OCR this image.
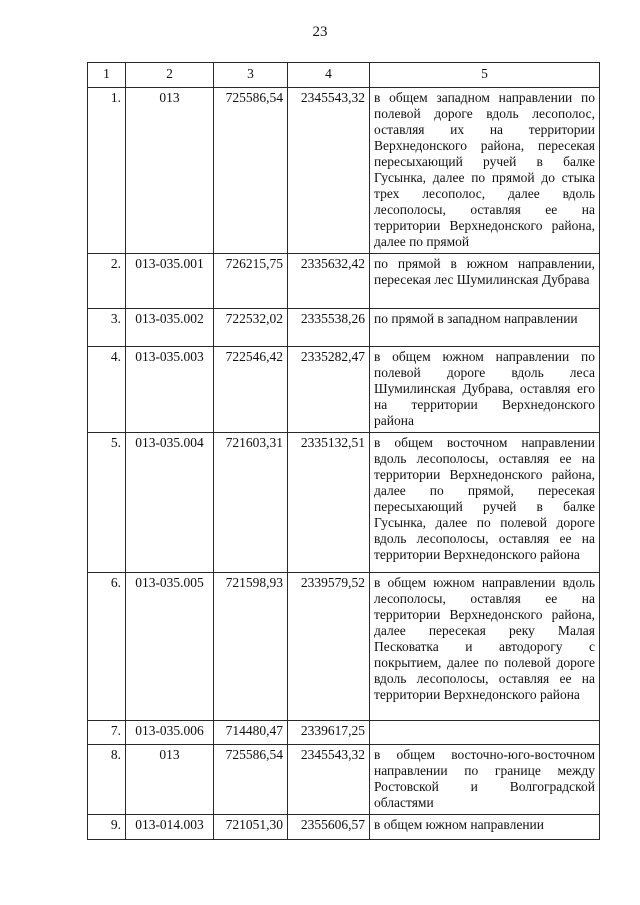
23
1	2	3	4	5
1.	013	725586,54	2345543,32	в общем западном направлении по полевой дороге вдоль лесополос, оставляя их на территории Верхнедонского района, пересекая пересыхающий ручей в балке Гусынка, далее по прямой до стыка трех лесополос, далее вдоль лесополосы, оставляя ее на территории Верхнедонского района, далее по прямой
2.	013-035.001	726215,75	2335632,42	по прямой в южном направлении, пересекая лес Шумилинская Дубрава
3.	013-035.002	722532,02	2335538,26	по прямой в западном направлении
4.	013-035.003	722546,42	2335282,47	в общем южном направлении по полевой дороге вдоль леса Шумилинская Дубрава, оставляя его на территории Верхнедонского района
5.	013-035.004	721603,31	2335132,51	в общем восточном направлении вдоль лесополосы, оставляя ее на территории Верхнедонского района, далее по прямой, пересекая пересыхающий ручей в балке Гусынка, далее по полевой дороге вдоль лесополосы, оставляя ее на территории Верхнедонского района
6.	013-035.005	721598,93	2339579,52	в общем южном направлении вдоль лесополосы, оставляя ее на территории Верхнедонского района, далее пересекая реку Малая Песковатка и автодорогу с покрытием, далее по полевой дороге вдоль лесополосы, оставляя ее на территории Верхнедонского района
7.	013-035.006	714480,47	2339617,25	
8.	013	725586,54	2345543,32	в общем восточно-юго-восточном направлении по границе между Ростовской и Волгоградской областями
9.	013-014.003	721051,30	2355606,57	в общем южном направлении
